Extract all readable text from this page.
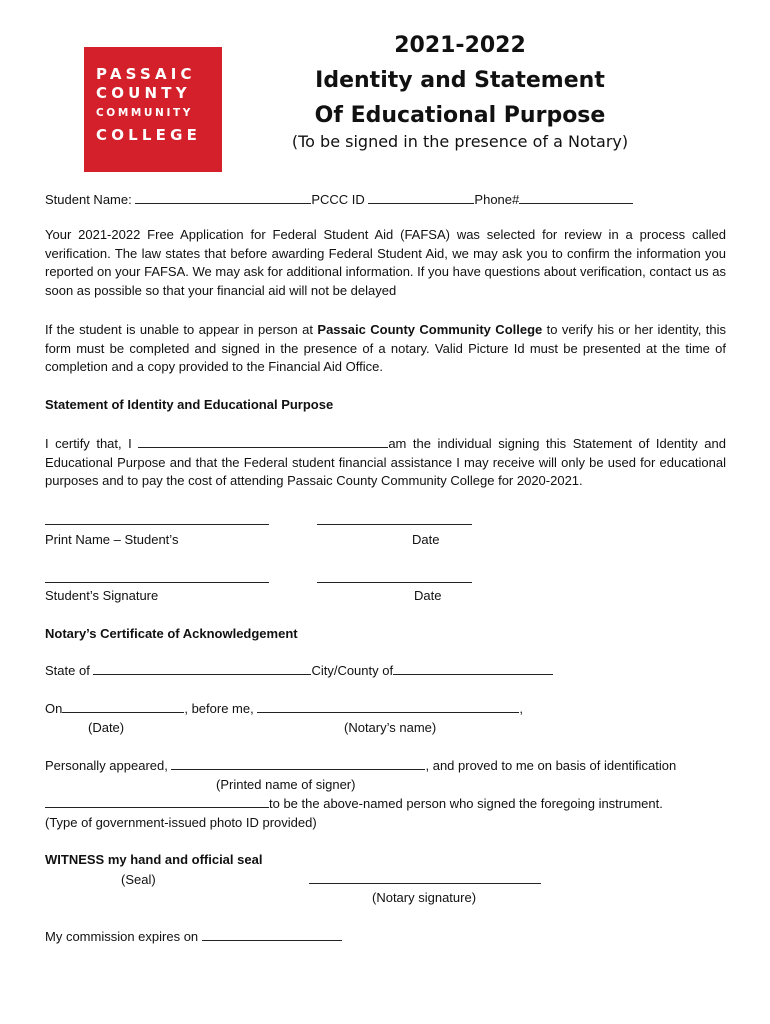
PASSAIC
COUNTY
COMMUNITY
COLLEGE
2021-2022
Identity and Statement
Of Educational Purpose
(To be signed in the presence of a Notary)
Student Name:	PCCC ID	Phone#
Your 2021-2022 Free Application for Federal Student Aid (FAFSA) was selected for review in a process called verification. The law states that before awarding Federal Student Aid, we may ask you to confirm the information you reported on your FAFSA. We may ask for additional information. If you have questions about verification, contact us as soon as possible so that your financial aid will not be delayed
If the student is unable to appear in person at Passaic County Community College to verify his or her identity, this form must be completed and signed in the presence of a notary. Valid Picture Id must be presented at the time of completion and a copy provided to the Financial Aid Office.
Statement of Identity and Educational Purpose
I certify that, I	am the individual signing this Statement of Identity and Educational Purpose and that the Federal student financial assistance I may receive will only be used for educational purposes and to pay the cost of attending Passaic County Community College for 2020-2021.
Print Name – Student’s	Date
Student’s Signature	Date
Notary’s Certificate of Acknowledgement
State of	City/County of
On	, before me,	,
(Date)	(Notary’s name)
Personally appeared,	, and proved to me on basis of identification
(Printed name of signer)
to be the above-named person who signed the foregoing instrument.
(Type of government-issued photo ID provided)
WITNESS my hand and official seal
(Seal)
(Notary signature)
My commission expires on
